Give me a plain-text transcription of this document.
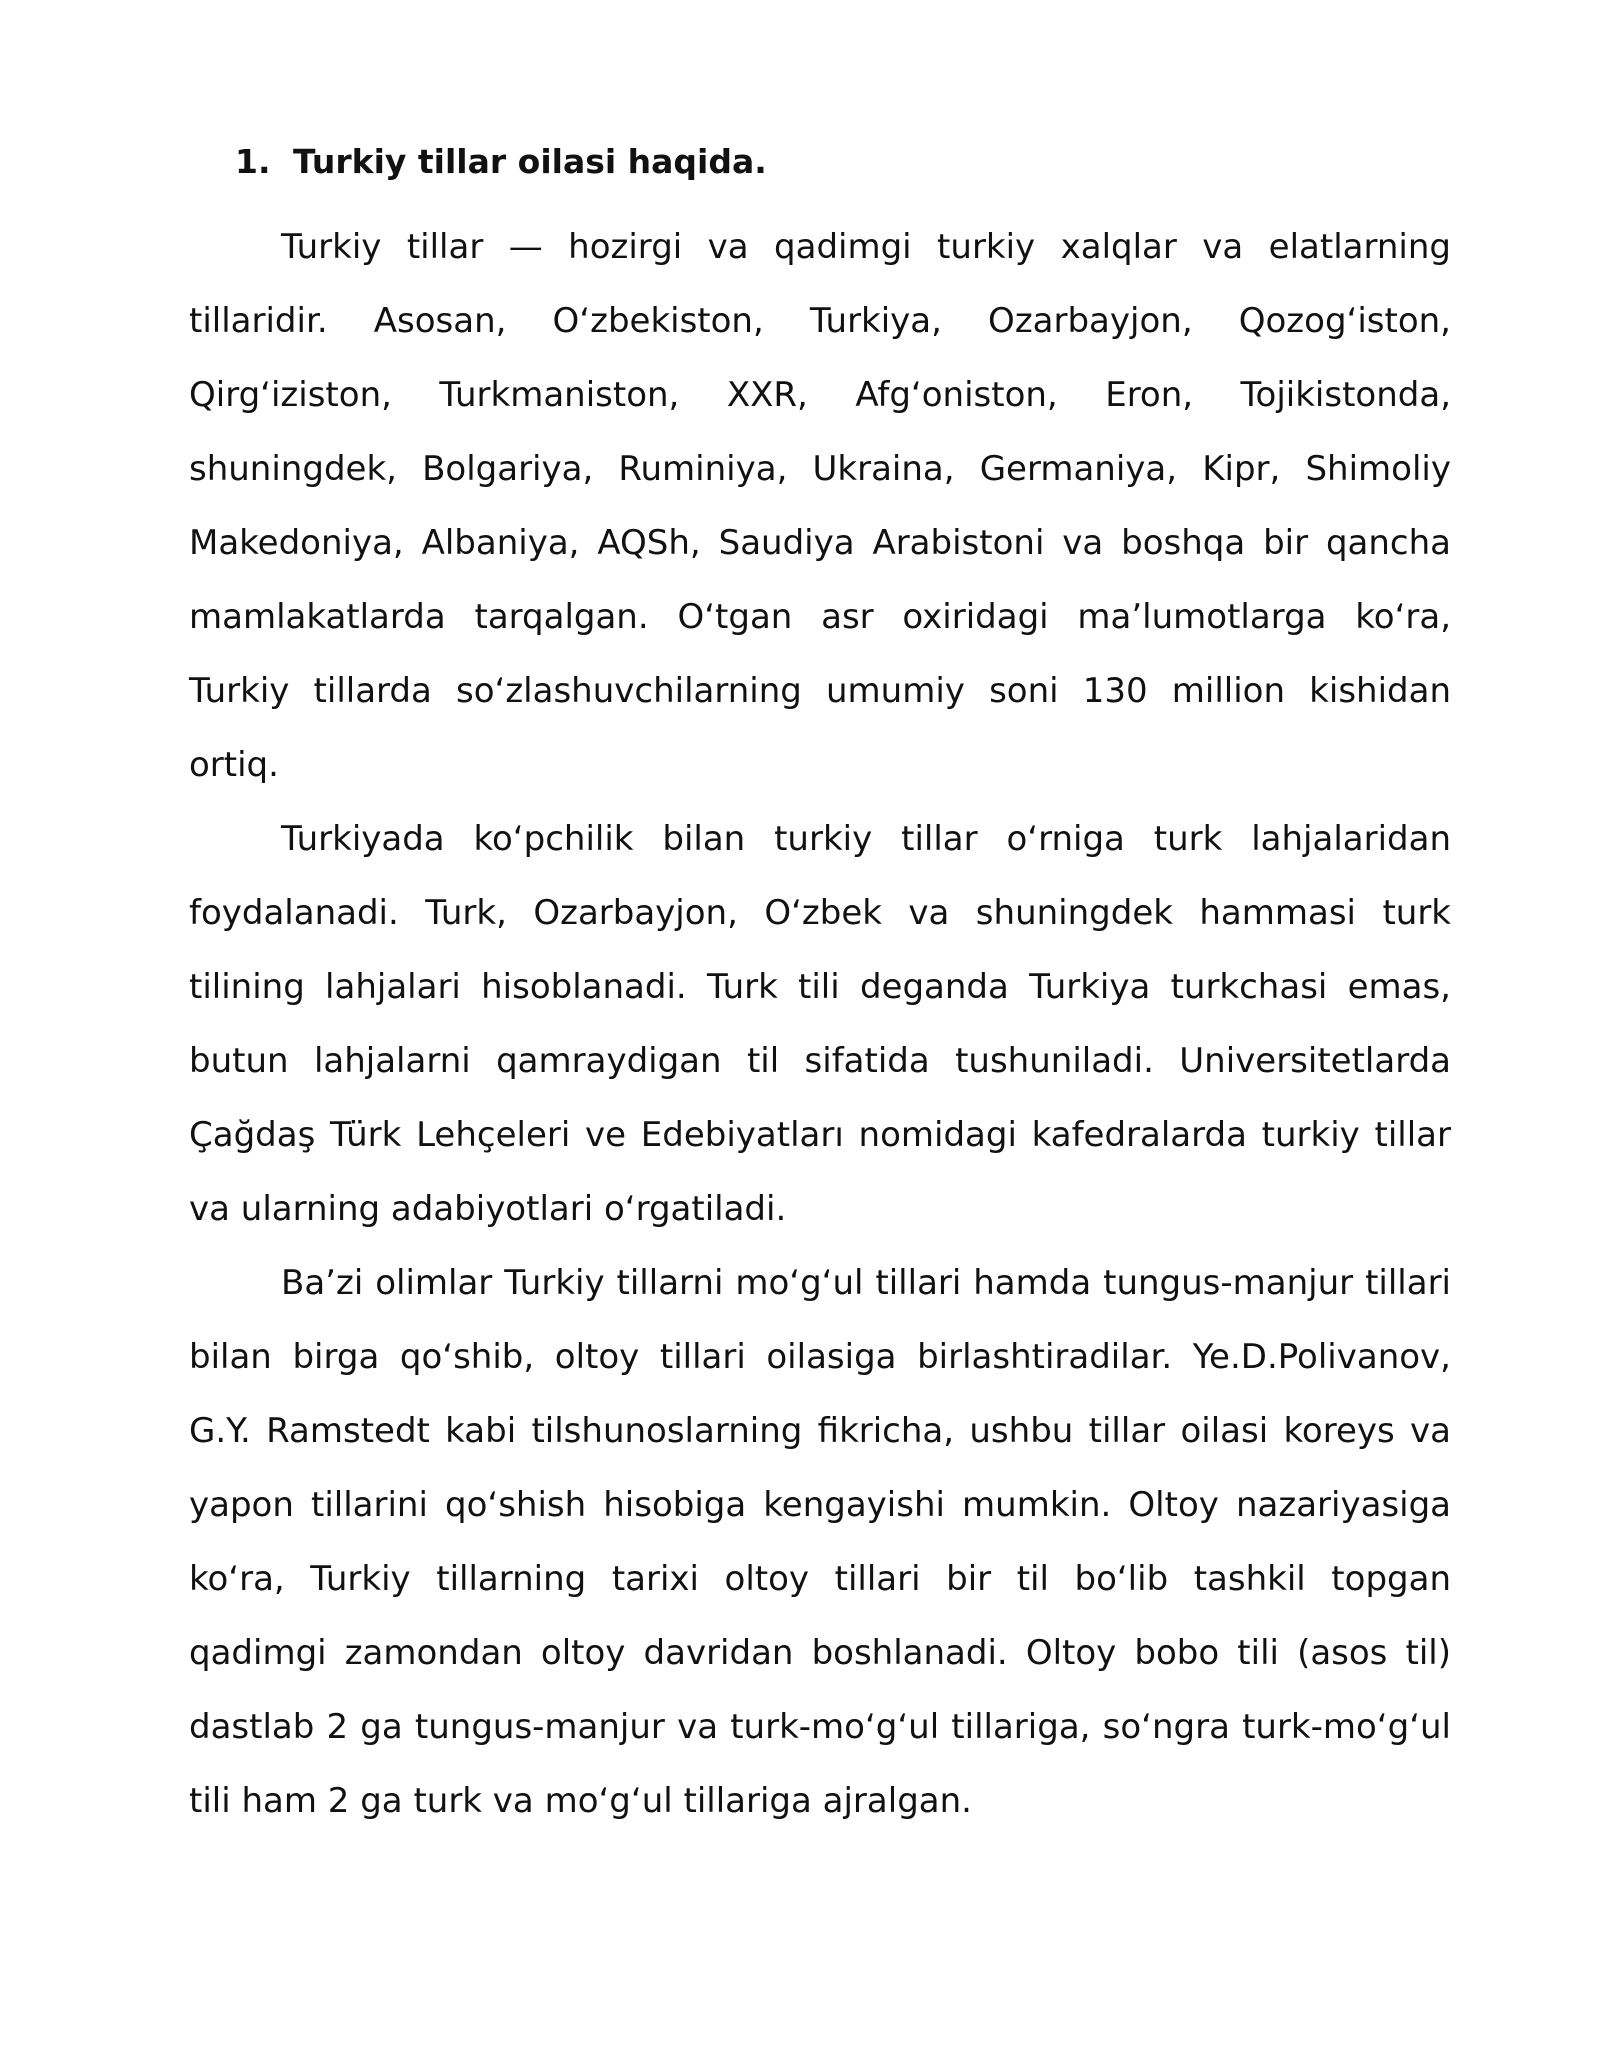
1. Turkiy tillar oilasi haqida.

Turkiy tillar — hozirgi va qadimgi turkiy xalqlar va elatlarning tillaridir. Asosan, O‘zbekiston, Turkiya, Ozarbayjon, Qozog‘iston, Qirg‘iziston, Turkmaniston, XXR, Afg‘oniston, Eron, Tojikistonda, shuningdek, Bolgariya, Ruminiya, Ukraina, Germaniya, Kipr, Shimoliy Makedoniya, Albaniya, AQSh, Saudiya Arabistoni va boshqa bir qancha mamlakatlarda tarqalgan. O‘tgan asr oxiridagi ma’lumotlarga ko‘ra, Turkiy tillarda so‘zlashuvchilarning umumiy soni 130 million kishidan ortiq.

Turkiyada ko‘pchilik bilan turkiy tillar o‘rniga turk lahjalaridan foydalanadi. Turk, Ozarbayjon, O‘zbek va shuningdek hammasi turk tilining lahjalari hisoblanadi. Turk tili deganda Turkiya turkchasi emas, butun lahjalarni qamraydigan til sifatida tushuniladi. Universitetlarda Çağdaş Türk Lehçeleri ve Edebiyatları nomidagi kafedralarda turkiy tillar va ularning adabiyotlari o‘rgatiladi.

Ba’zi olimlar Turkiy tillarni mo‘g‘ul tillari hamda tungus-manjur tillari bilan birga qo‘shib, oltoy tillari oilasiga birlashtiradilar. Ye.D.Polivanov, G.Y. Ramstedt kabi tilshunoslarning fikricha, ushbu tillar oilasi koreys va yapon tillarini qo‘shish hisobiga kengayishi mumkin. Oltoy nazariyasiga ko‘ra, Turkiy tillarning tarixi oltoy tillari bir til bo‘lib tashkil topgan qadimgi zamondan oltoy davridan boshlanadi. Oltoy bobo tili (asos til) dastlab 2 ga tungus-manjur va turk-mo‘g‘ul tillariga, so‘ngra turk-mo‘g‘ul tili ham 2 ga turk va mo‘g‘ul tillariga ajralgan.
